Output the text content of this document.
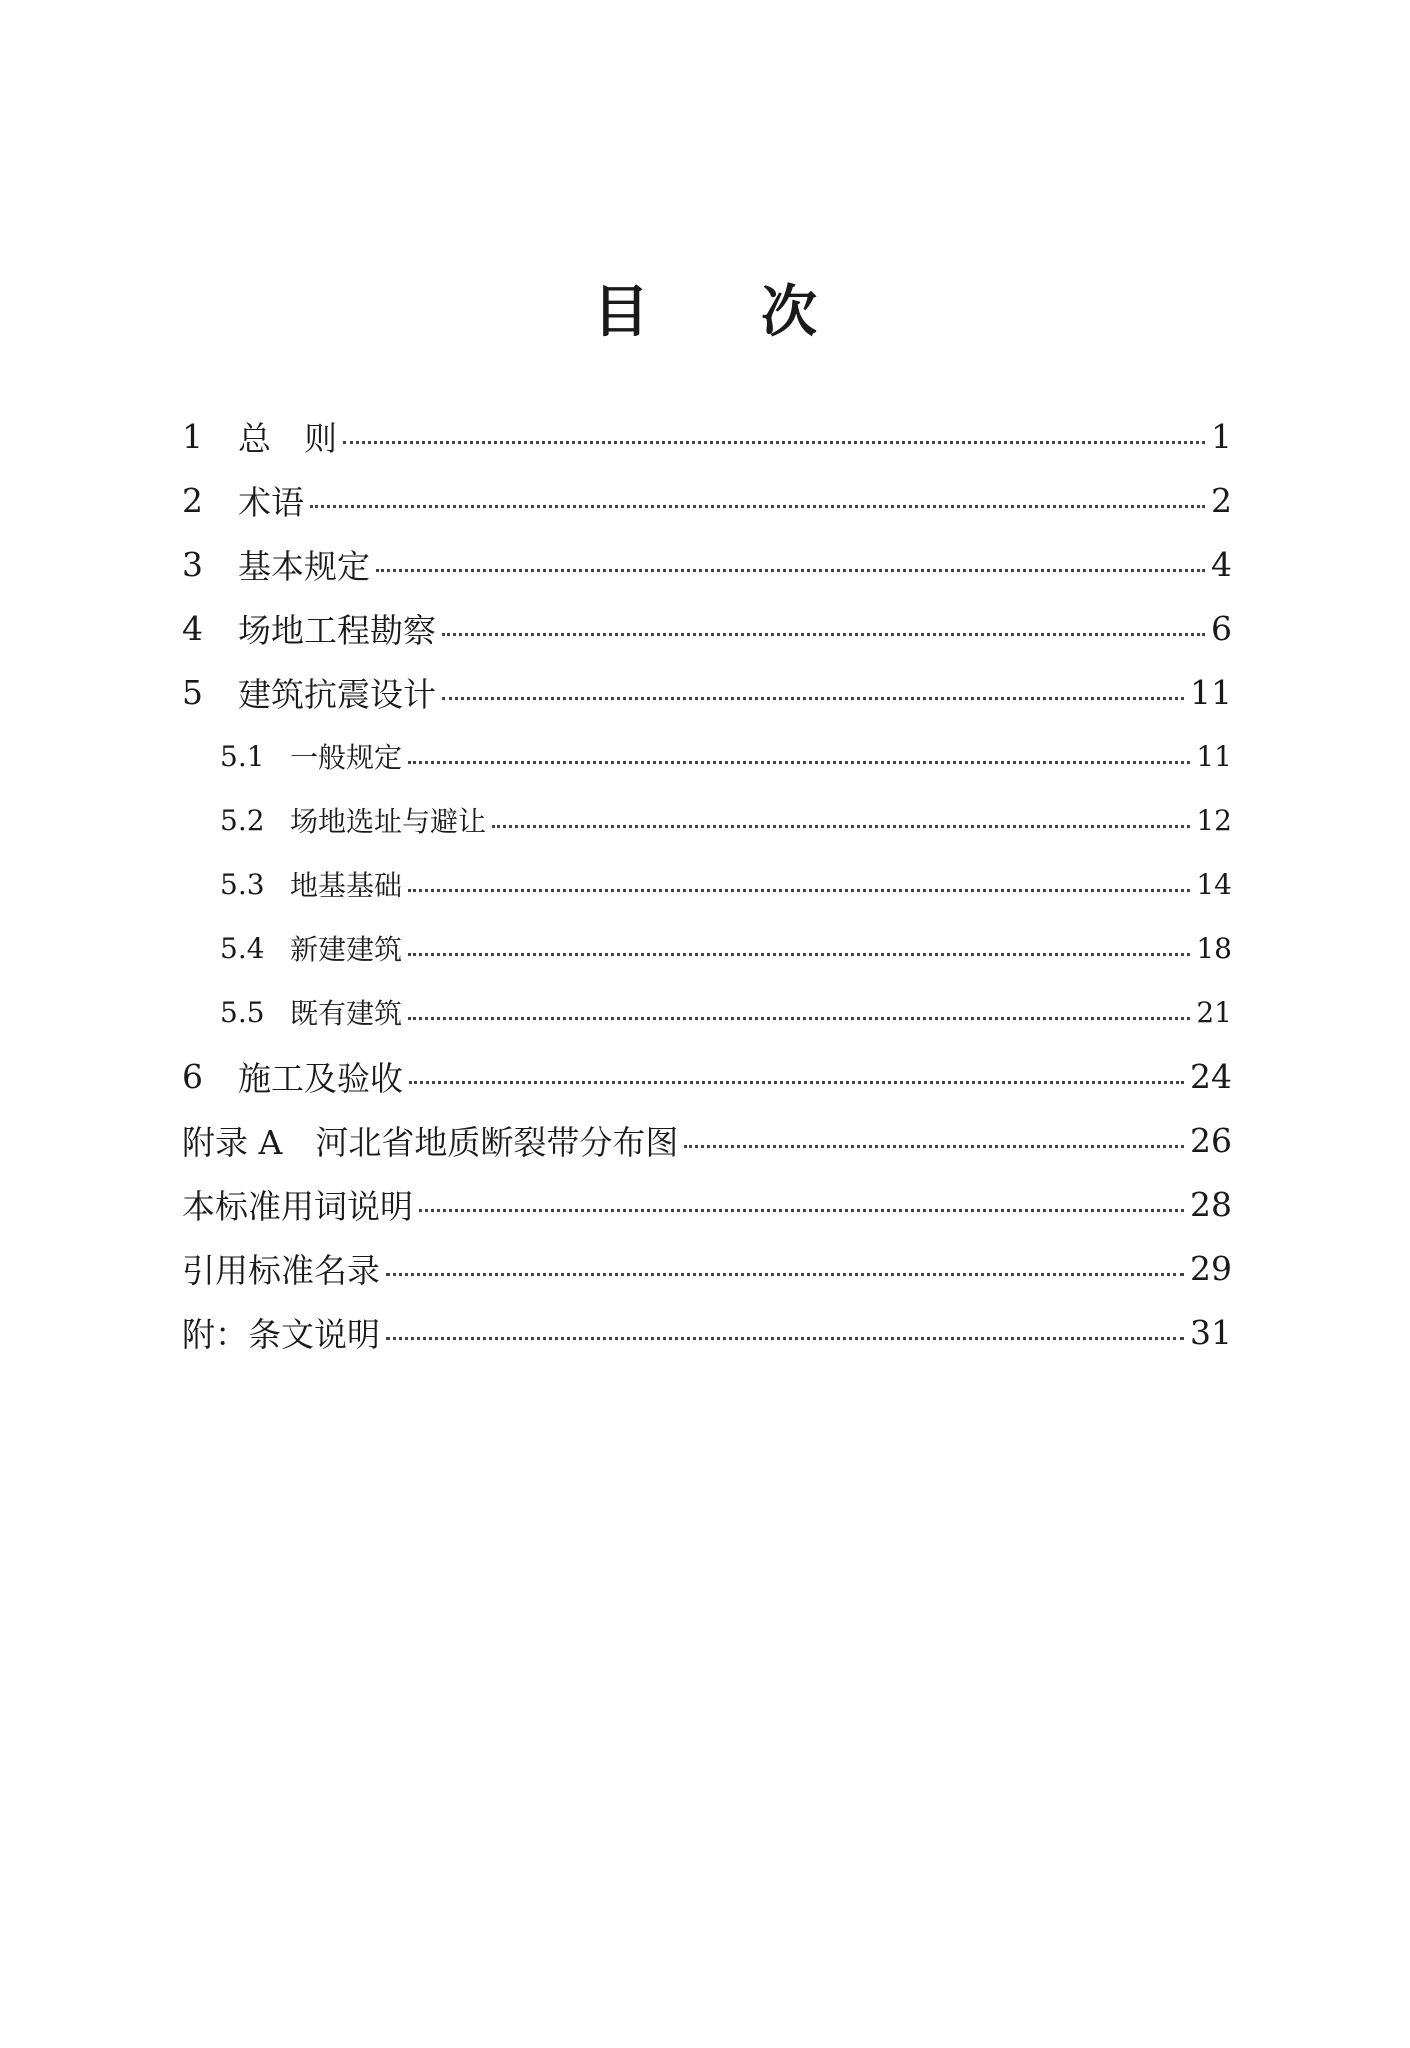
目 次
1	总　则	1
2	术语	2
3	基本规定	4
4	场地工程勘察	6
5	建筑抗震设计	11
5.1 一般规定	11
5.2 场地选址与避让	12
5.3 地基基础	14
5.4 新建建筑	18
5.5 既有建筑	21
6	施工及验收	24
附录 A　河北省地质断裂带分布图	26
本标准用词说明	28
引用标准名录	29
附：条文说明	31
